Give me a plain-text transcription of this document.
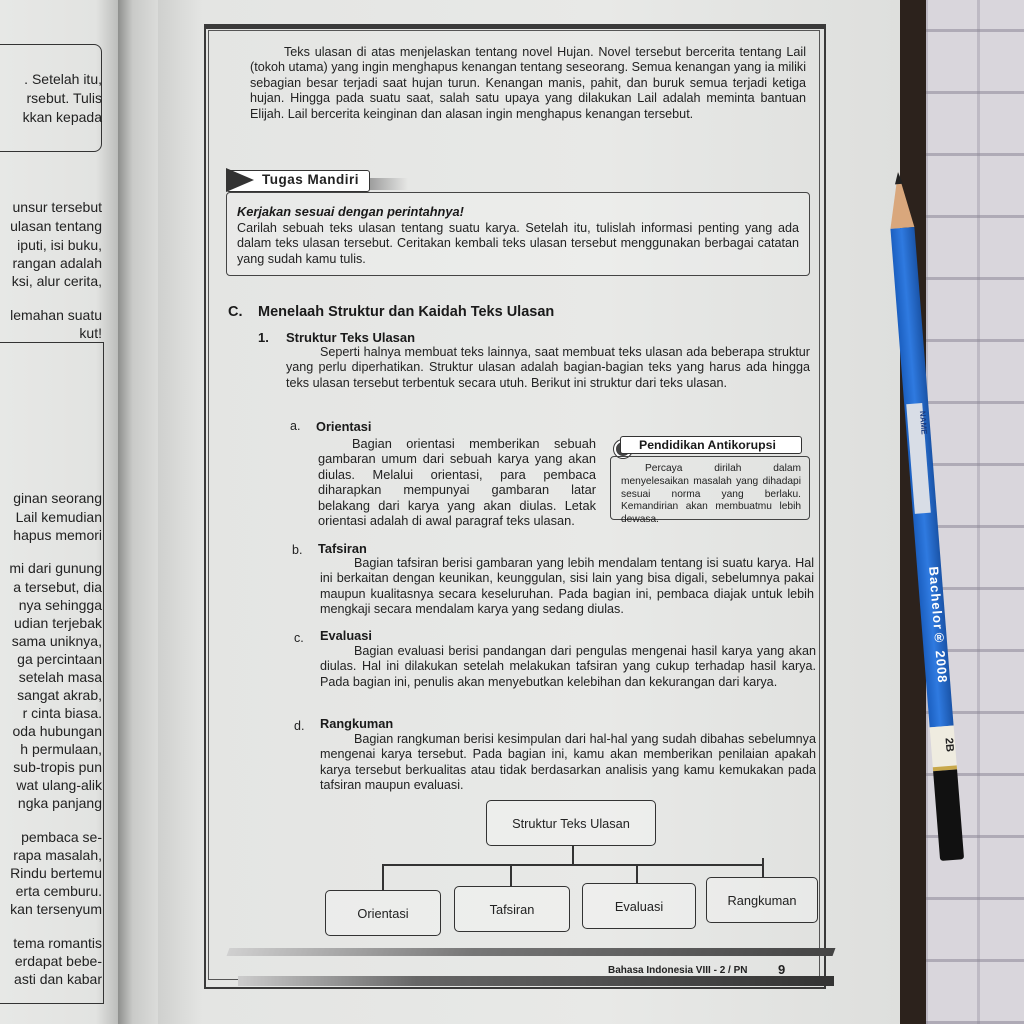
. Setelah itu,
rsebut. Tulis
kkan kepada
unsur tersebut
ulasan tentang
iputi, isi buku,
rangan adalah
ksi, alur cerita,
lemahan suatu
kut!
ginan seorang
Lail kemudian
hapus memori
mi dari gunung
a tersebut, dia
nya sehingga
udian terjebak
sama uniknya,
ga percintaan
setelah masa
sangat akrab,
r cinta biasa.
oda hubungan
h permulaan,
sub-tropis pun
wat ulang-alik
ngka panjang
pembaca se-
rapa masalah,
Rindu bertemu
erta cemburu.
kan tersenyum
tema romantis
erdapat bebe-
asti dan kabar
Teks ulasan di atas menjelaskan tentang novel Hujan. Novel tersebut bercerita tentang Lail (tokoh utama) yang ingin menghapus kenangan tentang seseorang. Semua kenangan yang ia miliki sebagian besar terjadi saat hujan turun. Kenangan manis, pahit, dan buruk semua terjadi ketiga hujan. Hingga pada suatu saat, salah satu upaya yang dilakukan Lail adalah meminta bantuan Elijah. Lail bercerita keinginan dan alasan ingin menghapus kenangan tersebut.
Tugas Mandiri
Kerjakan sesuai dengan perintahnya!
Carilah sebuah teks ulasan tentang suatu karya. Setelah itu, tulislah informasi penting yang ada dalam teks ulasan tersebut. Ceritakan kembali teks ulasan tersebut menggunakan berbagai catatan yang sudah kamu tulis.
C. Menelaah Struktur dan Kaidah Teks Ulasan
1. Struktur Teks Ulasan
Seperti halnya membuat teks lainnya, saat membuat teks ulasan ada beberapa struktur yang perlu diperhatikan. Struktur ulasan adalah bagian-bagian teks yang harus ada hingga teks ulasan tersebut terbentuk secara utuh. Berikut ini struktur dari teks ulasan.
a. Orientasi
Bagian orientasi memberikan sebuah gambaran umum dari sebuah karya yang akan diulas. Melalui orientasi, para pembaca diharapkan mempunyai gambaran latar belakang dari karya yang akan diulas. Letak orientasi adalah di awal paragraf teks ulasan.
Pendidikan Antikorupsi
Percaya dirilah dalam menyelesaikan masalah yang dihadapi sesuai norma yang berlaku. Kemandirian akan membuatmu lebih dewasa.
b. Tafsiran
Bagian tafsiran berisi gambaran yang lebih mendalam tentang isi suatu karya. Hal ini berkaitan dengan keunikan, keunggulan, sisi lain yang bisa digali, sebelumnya pakai maupun kualitasnya secara keseluruhan. Pada bagian ini, pembaca diajak untuk lebih mengkaji secara mendalam karya yang sedang diulas.
c. Evaluasi
Bagian evaluasi berisi pandangan dari pengulas mengenai hasil karya yang akan diulas. Hal ini dilakukan setelah melakukan tafsiran yang cukup terhadap hasil karya. Pada bagian ini, penulis akan menyebutkan kelebihan dan kekurangan dari karya.
d. Rangkuman
Bagian rangkuman berisi kesimpulan dari hal-hal yang sudah dibahas sebelumnya mengenai karya tersebut. Pada bagian ini, kamu akan memberikan penilaian apakah karya tersebut berkualitas atau tidak berdasarkan analisis yang kamu kemukakan pada tafsiran maupun evaluasi.
Struktur Teks Ulasan
Orientasi	Tafsiran	Evaluasi	Rangkuman
Bahasa Indonesia VIII - 2 / PN 9
NAME
Bachelor® 2008
2B
